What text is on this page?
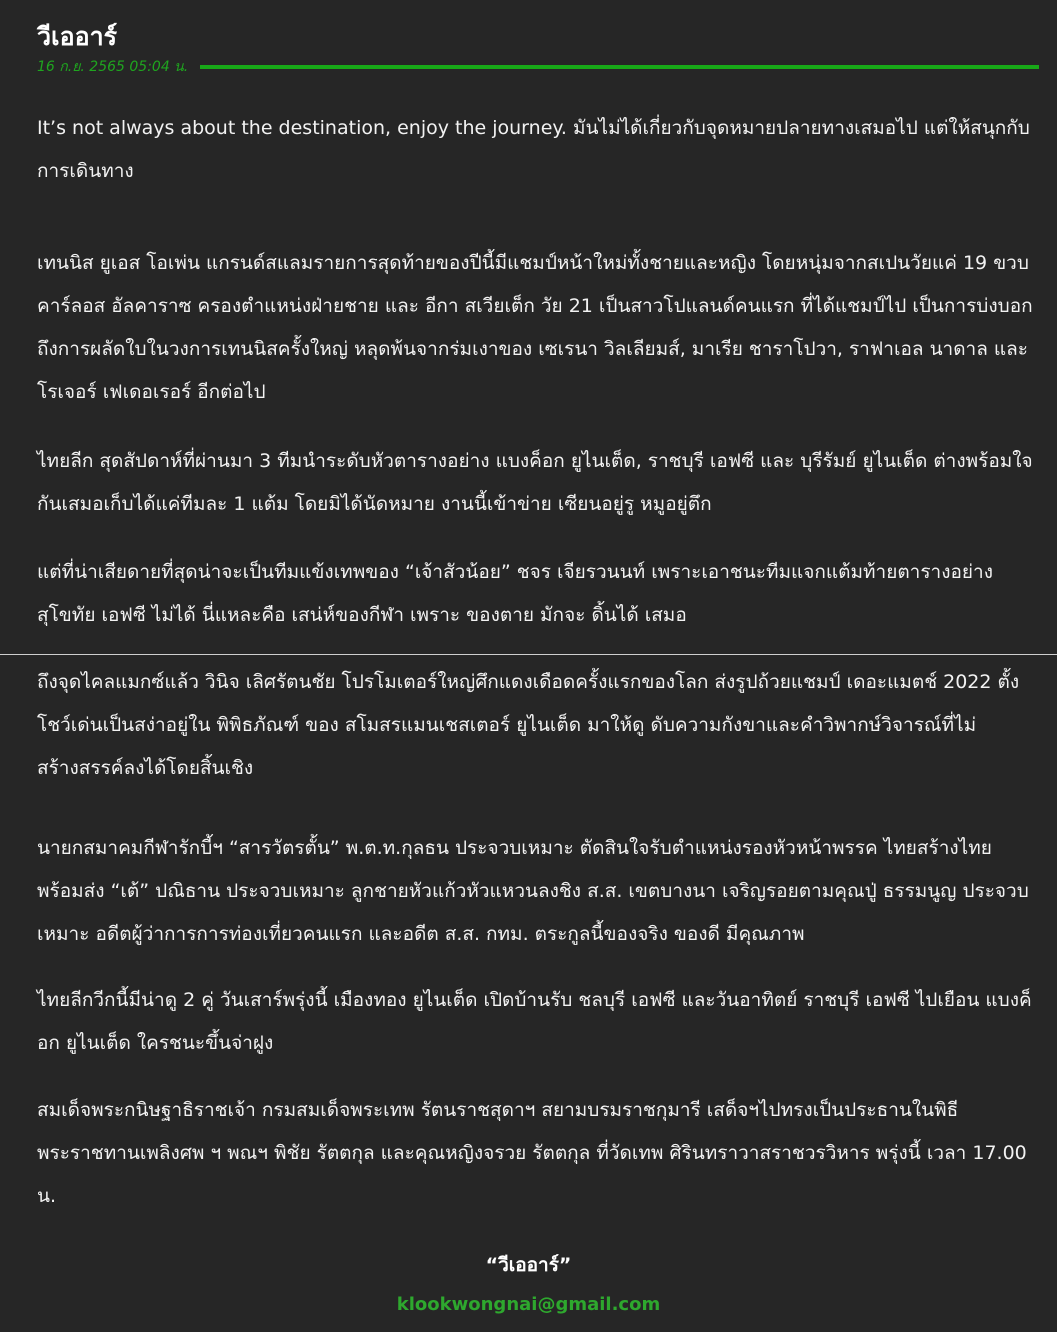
วีเออาร์
16 ก.ย. 2565 05:04 น.

It’s not always about the destination, enjoy the journey. มันไม่ได้เกี่ยวกับจุดหมายปลายทางเสมอไป แต่ให้สนุกกับการเดินทาง

เทนนิส ยูเอส โอเพ่น แกรนด์สแลมรายการสุดท้ายของปีนี้มีแชมป์หน้าใหม่ทั้งชายและหญิง โดยหนุ่มจากสเปนวัยแค่ 19 ขวบ คาร์ลอส อัลคาราซ ครองตำแหน่งฝ่ายชาย และ อีกา สเวียเต็ก วัย 21 เป็นสาวโปแลนด์คนแรก ที่ได้แชมป์ไป เป็นการบ่งบอกถึงการผลัดใบในวงการเทนนิสครั้งใหญ่ หลุดพ้นจากร่มเงาของ เซเรนา วิลเลียมส์, มาเรีย ชาราโปวา, ราฟาเอล นาดาล และโรเจอร์ เฟเดอเรอร์ อีกต่อไป

ไทยลีก สุดสัปดาห์ที่ผ่านมา 3 ทีมนำระดับหัวตารางอย่าง แบงค็อก ยูไนเต็ด, ราชบุรี เอฟซี และ บุรีรัมย์ ยูไนเต็ด ต่างพร้อมใจกันเสมอเก็บได้แค่ทีมละ 1 แต้ม โดยมิได้นัดหมาย งานนี้เข้าข่าย เซียนอยู่รู หมูอยู่ตึก

แต่ที่น่าเสียดายที่สุดน่าจะเป็นทีมแข้งเทพของ “เจ้าสัวน้อย” ชจร เจียรวนนท์ เพราะเอาชนะทีมแจกแต้มท้ายตารางอย่าง สุโขทัย เอฟซี ไม่ได้ นี่แหละคือ เสน่ห์ของกีฬา เพราะ ของตาย มักจะ ดิ้นได้ เสมอ

ถึงจุดไคลแมกซ์แล้ว วินิจ เลิศรัตนชัย โปรโมเตอร์ใหญ่ศึกแดงเดือดครั้งแรกของโลก ส่งรูปถ้วยแชมป์ เดอะแมตช์ 2022 ตั้งโชว์เด่นเป็นสง่าอยู่ใน พิพิธภัณฑ์ ของ สโมสรแมนเชสเตอร์ ยูไนเต็ด มาให้ดู ดับความกังขาและคำวิพากษ์วิจารณ์ที่ไม่สร้างสรรค์ลงได้โดยสิ้นเชิง

นายกสมาคมกีฬารักบี้ฯ “สารวัตรตั้น” พ.ต.ท.กุลธน ประจวบเหมาะ ตัดสินใจรับตำแหน่งรองหัวหน้าพรรค ไทยสร้างไทย พร้อมส่ง “เต้” ปณิธาน ประจวบเหมาะ ลูกชายหัวแก้วหัวแหวนลงชิง ส.ส. เขตบางนา เจริญรอยตามคุณปู่ ธรรมนูญ ประจวบเหมาะ อดีตผู้ว่าการการท่องเที่ยวคนแรก และอดีต ส.ส. กทม. ตระกูลนี้ของจริง ของดี มีคุณภาพ

ไทยลีกวีกนี้มีน่าดู 2 คู่ วันเสาร์พรุ่งนี้ เมืองทอง ยูไนเต็ด เปิดบ้านรับ ชลบุรี เอฟซี และวันอาทิตย์ ราชบุรี เอฟซี ไปเยือน แบงค็อก ยูไนเต็ด ใครชนะขึ้นจ่าฝูง

สมเด็จพระกนิษฐาธิราชเจ้า กรมสมเด็จพระเทพ รัตนราชสุดาฯ สยามบรมราชกุมารี เสด็จฯไปทรงเป็นประธานในพิธีพระราชทานเพลิงศพ ฯ พณฯ พิชัย รัตตกุล และคุณหญิงจรวย รัตตกุล ที่วัดเทพ ศิรินทราวาสราชวรวิหาร พรุ่งนี้ เวลา 17.00 น.

“วีเออาร์”
klookwongnai@gmail.com
